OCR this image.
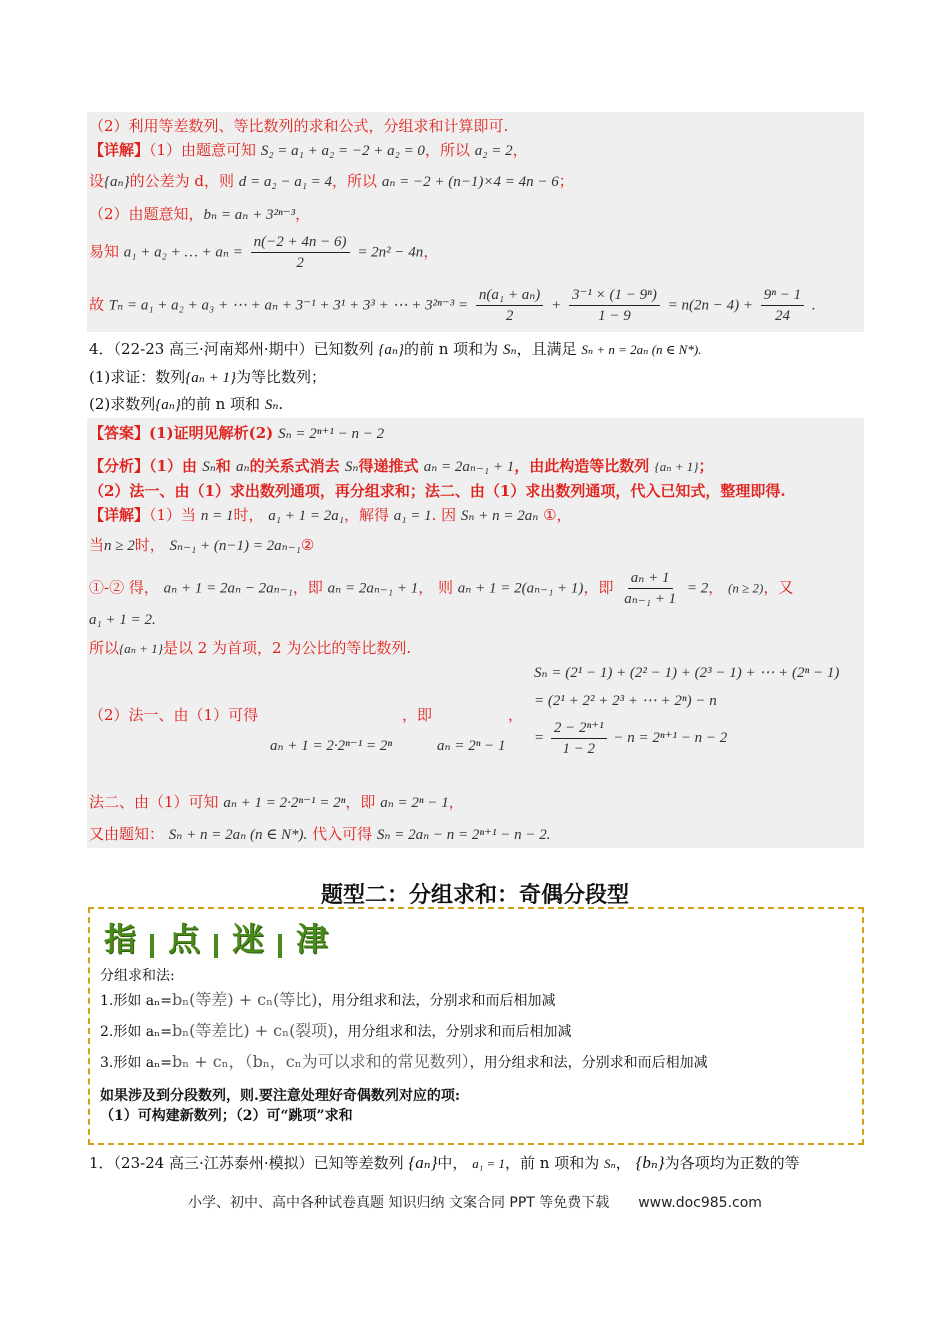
（2）利用等差数列、等比数列的求和公式，分组求和计算即可.
【详解】（1）由题意可知 S₂ = a₁ + a₂ = −2 + a₂ = 0，所以 a₂ = 2，
设{aₙ}的公差为 d，则 d = a₂ − a₁ = 4，所以 aₙ = −2 + (n−1)×4 = 4n − 6；
（2）由题意知，bₙ = aₙ + 3²ⁿ⁻³，
易知 a₁ + a₂ + … + $a_n = \frac{n(-2 + 4n - 6)}{2} = 2n^2 - 4n$，
故 Tₙ = a₁ + a₂ + a₃ + ⋯ + aₙ + 3⁻¹ + 3¹ + 3³ + ⋯ + $3^{2n-3} = \frac{\text{n(a₁ + aₙ)}}{2} + \frac{\text{3⁻¹ × (1 − 9ⁿ)}}{1 - 9} = n(2n - 4) + \frac{\text{9ⁿ − 1}}{24}$ .
4．（22-23 高三·河南郑州·期中）已知数列 {aₙ}的前 n 项和为 Sₙ，且满足 Sₙ + n = 2aₙ (n ∈ N*).
(1)求证：数列{aₙ + 1}为等比数列；
(2)求数列{aₙ}的前 n 项和 Sₙ.
【答案】(1)证明见解析(2) Sₙ = 2ⁿ⁺¹ − n − 2
【分析】（1）由 Sₙ和 aₙ的关系式消去 Sₙ得递推式 aₙ = 2aₙ₋₁ + 1，由此构造等比数列 {aₙ + 1}；
（2）法一、由（1）求出数列通项，再分组求和；法二、由（1）求出数列通项，代入已知式，整理即得.
【详解】（1）当 n = 1时， a₁ + 1 = 2a₁，解得 a₁ = 1. 因 Sₙ + n = 2aₙ ①，
当n ≥ 2时， Sₙ₋₁ + (n−1) = 2aₙ₋₁②
①-② 得， aₙ + 1 = 2aₙ − 2aₙ₋₁，即 aₙ = 2aₙ₋₁ + 1， 则 aₙ + 1 = 2(aₙ₋₁ + 1)，即 $\frac{\text{aₙ + 1}}{\text{aₙ₋₁ + 1}} = 2$， (n ≥ 2)，又
a₁ + 1 = 2.
所以{aₙ + 1}是以 2 为首项，2 为公比的等比数列.
（2）法一、由（1）可得	，即	，
aₙ + 1 = 2·2ⁿ⁻¹ = 2ⁿ	aₙ = 2ⁿ − 1
Sₙ = (2¹ − 1) + (2² − 1) + (2³ − 1) + ⋯ + (2ⁿ − 1)
= (2¹ + 2² + 2³ + ⋯ + 2ⁿ) − n
= $\frac{\text{2 − 2ⁿ⁺¹}}{1 - 2} - n = 2^{n+1} - n - 2$
法二、由（1）可知 aₙ + 1 = 2·2ⁿ⁻¹ = 2ⁿ，即 aₙ = 2ⁿ − 1，
又由题知： Sₙ + n = 2aₙ (n ∈ N*). 代入可得 Sₙ = 2aₙ − n = 2ⁿ⁺¹ − n − 2.
题型二：分组求和：奇偶分段型
指 点 迷 津
分组求和法:
1.形如 aₙ=bₙ(等差) + cₙ(等比)，用分组求和法，分别求和而后相加减
2.形如 aₙ=bₙ(等差比) + cₙ(裂项)，用分组求和法，分别求和而后相加减
3.形如 aₙ=bₙ + cₙ，（bₙ，cₙ为可以求和的常见数列），用分组求和法，分别求和而后相加减
如果涉及到分段数列，则.要注意处理好奇偶数列对应的项:
（1）可构建新数列；（2）可“跳项”求和
1．（23-24 高三·江苏泰州·模拟）已知等差数列 {aₙ}中， a₁ = 1，前 n 项和为 Sₙ， {bₙ}为各项均为正数的等
小学、初中、高中各种试卷真题 知识归纳 文案合同 PPT 等免费下载 www.doc985.com
